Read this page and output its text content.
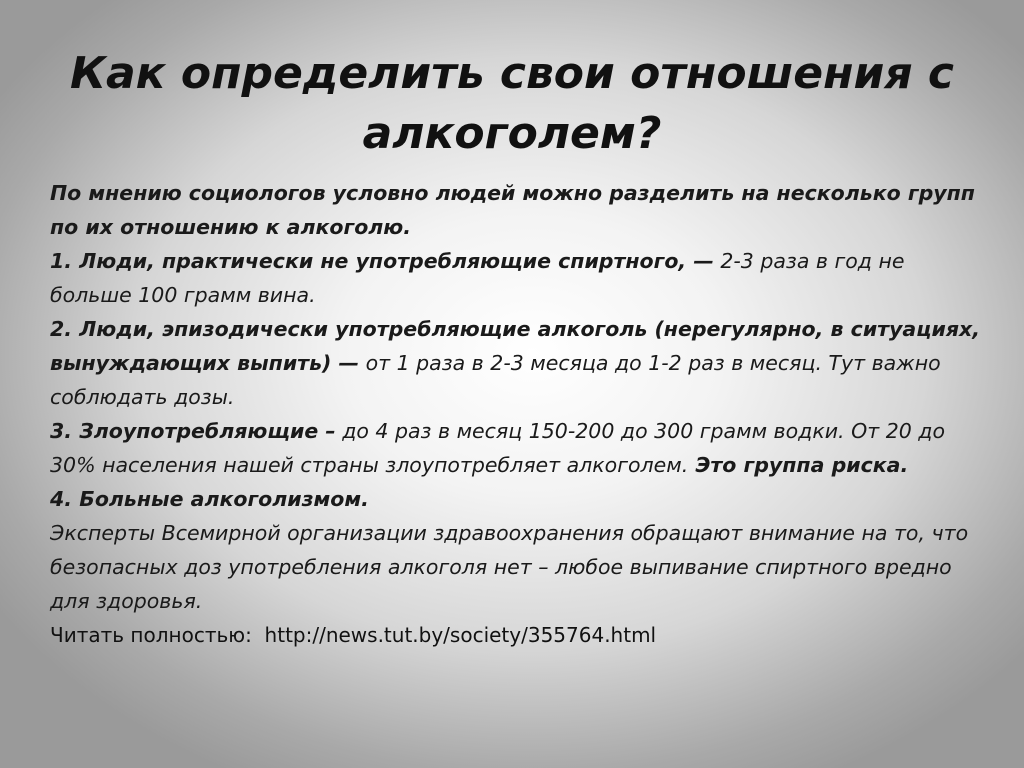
Как определить свои отношения с алкоголем?

По мнению социологов условно людей можно разделить на несколько групп по их отношению к алкоголю.

1. Люди, практически не употребляющие спиртного, — 2-3 раза в год не больше 100 грамм вина.

2. Люди, эпизодически употребляющие алкоголь (нерегулярно, в ситуациях, вынуждающих выпить) — от 1 раза в 2-3 месяца до 1-2 раз в месяц. Тут важно соблюдать дозы.

3. Злоупотребляющие – до 4 раз в месяц 150-200 до 300 грамм водки. От 20 до 30% населения нашей страны злоупотребляет алкоголем. Это группа риска.

4. Больные алкоголизмом.

Эксперты Всемирной организации здравоохранения обращают внимание на то, что безопасных доз употребления алкоголя нет – любое выпивание спиртного вредно для здоровья.

Читать полностью: http://news.tut.by/society/355764.html
